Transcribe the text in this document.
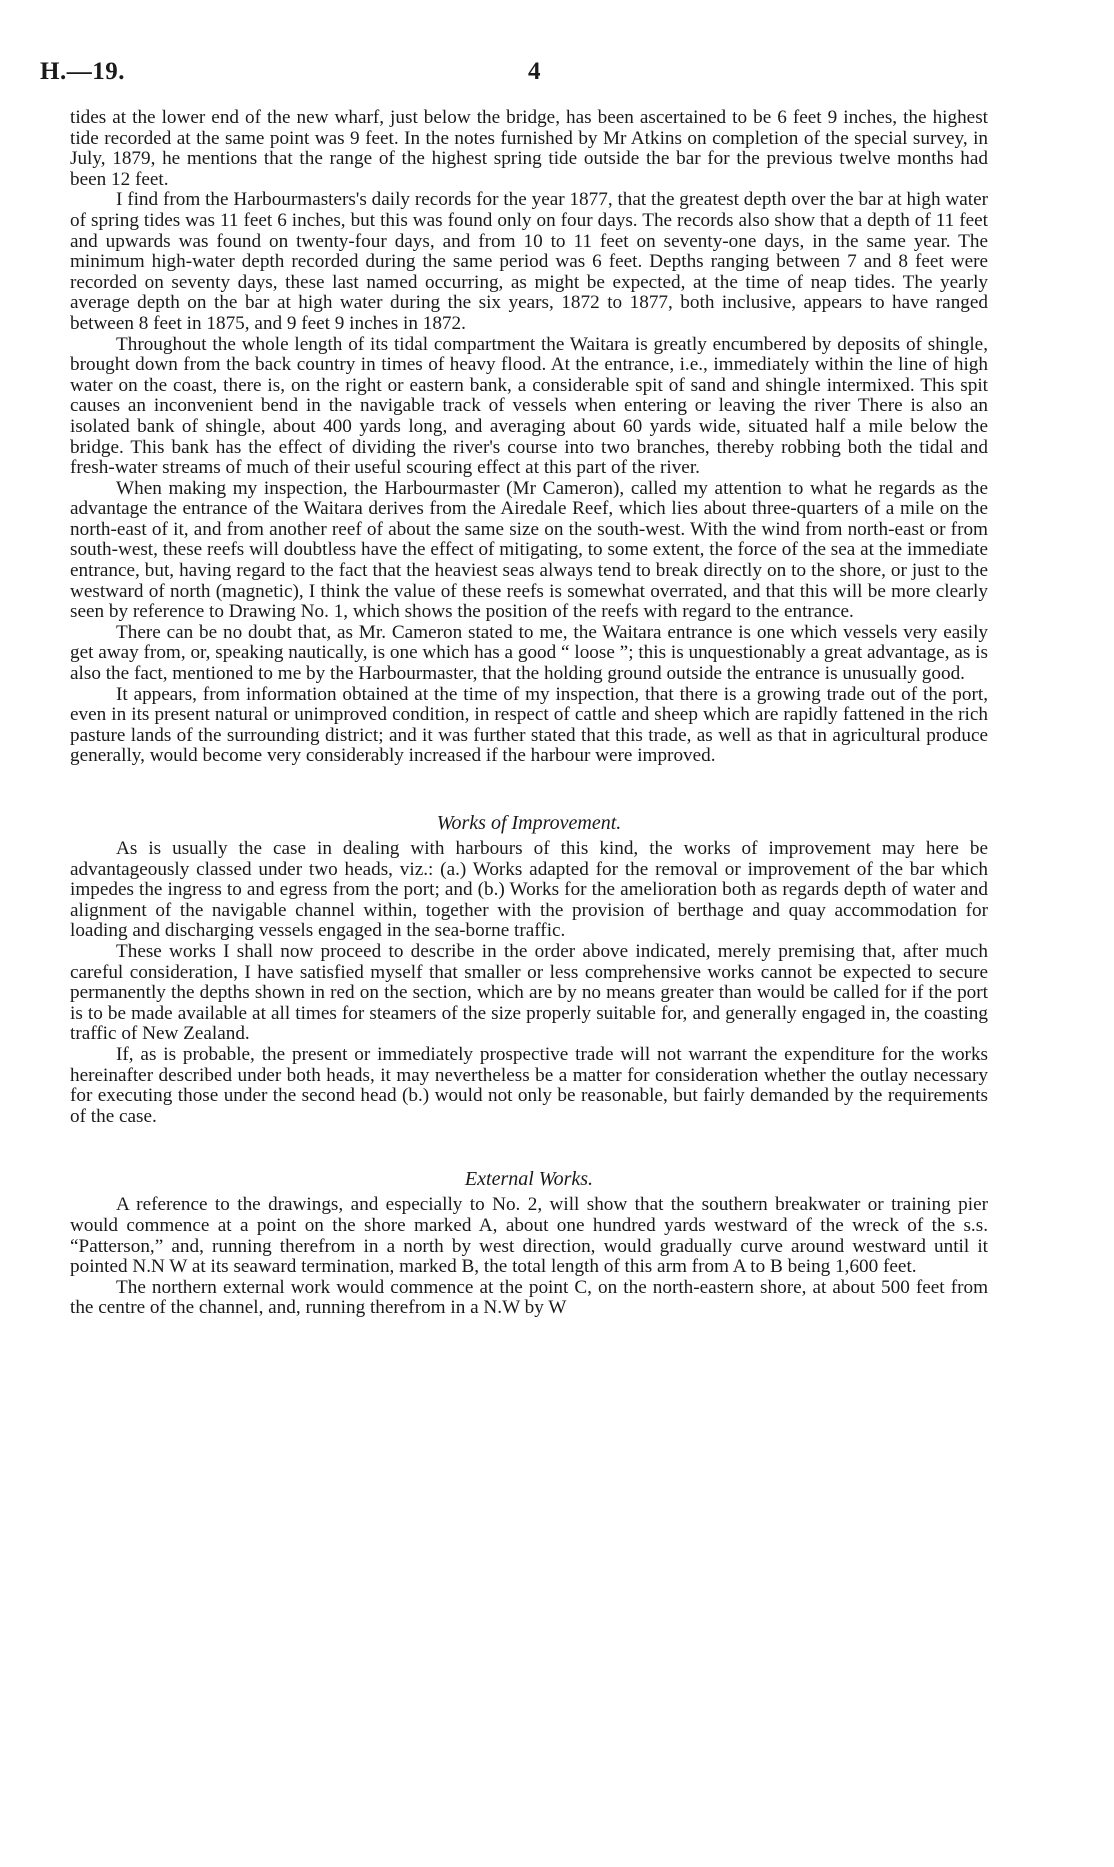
H.—19.	4

tides at the lower end of the new wharf, just below the bridge, has been ascertained to be 6 feet 9 inches, the highest tide recorded at the same point was 9 feet. In the notes furnished by Mr Atkins on completion of the special survey, in July, 1879, he mentions that the range of the highest spring tide outside the bar for the previous twelve months had been 12 feet.

I find from the Harbourmasters's daily records for the year 1877, that the greatest depth over the bar at high water of spring tides was 11 feet 6 inches, but this was found only on four days. The records also show that a depth of 11 feet and upwards was found on twenty-four days, and from 10 to 11 feet on seventy-one days, in the same year. The minimum high-water depth recorded during the same period was 6 feet. Depths ranging between 7 and 8 feet were recorded on seventy days, these last named occurring, as might be expected, at the time of neap tides. The yearly average depth on the bar at high water during the six years, 1872 to 1877, both inclusive, appears to have ranged between 8 feet in 1875, and 9 feet 9 inches in 1872.

Throughout the whole length of its tidal compartment the Waitara is greatly encumbered by deposits of shingle, brought down from the back country in times of heavy flood. At the entrance, i.e., immediately within the line of high water on the coast, there is, on the right or eastern bank, a considerable spit of sand and shingle intermixed. This spit causes an inconvenient bend in the navigable track of vessels when entering or leaving the river There is also an isolated bank of shingle, about 400 yards long, and averaging about 60 yards wide, situated half a mile below the bridge. This bank has the effect of dividing the river's course into two branches, thereby robbing both the tidal and fresh-water streams of much of their useful scouring effect at this part of the river.

When making my inspection, the Harbourmaster (Mr Cameron), called my attention to what he regards as the advantage the entrance of the Waitara derives from the Airedale Reef, which lies about three-quarters of a mile on the north-east of it, and from another reef of about the same size on the south-west. With the wind from north-east or from south-west, these reefs will doubtless have the effect of mitigating, to some extent, the force of the sea at the immediate entrance, but, having regard to the fact that the heaviest seas always tend to break directly on to the shore, or just to the westward of north (magnetic), I think the value of these reefs is somewhat overrated, and that this will be more clearly seen by reference to Drawing No. 1, which shows the position of the reefs with regard to the entrance.

There can be no doubt that, as Mr. Cameron stated to me, the Waitara entrance is one which vessels very easily get away from, or, speaking nautically, is one which has a good “ loose ”; this is unquestionably a great advantage, as is also the fact, mentioned to me by the Harbourmaster, that the holding ground outside the entrance is unusually good.

It appears, from information obtained at the time of my inspection, that there is a growing trade out of the port, even in its present natural or unimproved condition, in respect of cattle and sheep which are rapidly fattened in the rich pasture lands of the surrounding district; and it was further stated that this trade, as well as that in agricultural produce generally, would become very considerably increased if the harbour were improved.

Works of Improvement.

As is usually the case in dealing with harbours of this kind, the works of improvement may here be advantageously classed under two heads, viz.: (a.) Works adapted for the removal or improvement of the bar which impedes the ingress to and egress from the port; and (b.) Works for the amelioration both as regards depth of water and alignment of the navigable channel within, together with the provision of berthage and quay accommodation for loading and discharging vessels engaged in the sea-borne traffic.

These works I shall now proceed to describe in the order above indicated, merely premising that, after much careful consideration, I have satisfied myself that smaller or less comprehensive works cannot be expected to secure permanently the depths shown in red on the section, which are by no means greater than would be called for if the port is to be made available at all times for steamers of the size properly suitable for, and generally engaged in, the coasting traffic of New Zealand.

If, as is probable, the present or immediately prospective trade will not warrant the expenditure for the works hereinafter described under both heads, it may nevertheless be a matter for consideration whether the outlay necessary for executing those under the second head (b.) would not only be reasonable, but fairly demanded by the requirements of the case.

External Works.

A reference to the drawings, and especially to No. 2, will show that the southern breakwater or training pier would commence at a point on the shore marked A, about one hundred yards westward of the wreck of the s.s. “Patterson,” and, running therefrom in a north by west direction, would gradually curve around westward until it pointed N.N W at its seaward termination, marked B, the total length of this arm from A to B being 1,600 feet.

The northern external work would commence at the point C, on the north-eastern shore, at about 500 feet from the centre of the channel, and, running therefrom in a N.W by W
